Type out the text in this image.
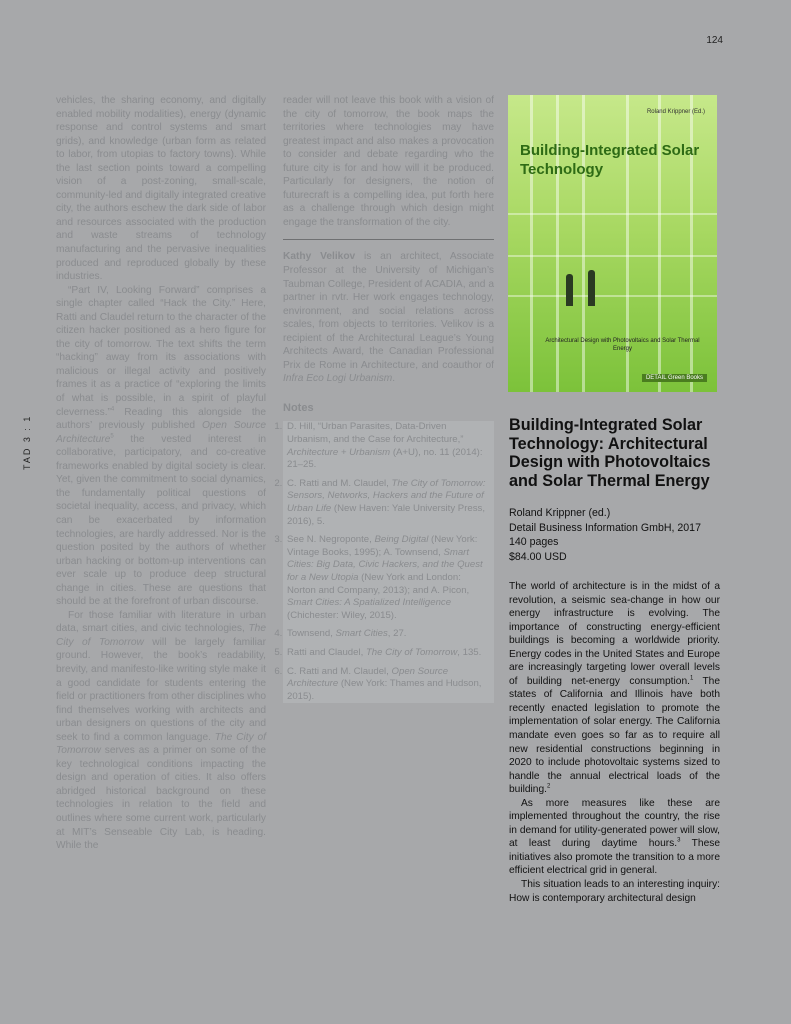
124
TAD 3 : 1

vehicles, the sharing economy, and digitally enabled mobility modalities), energy (dynamic response and control systems and smart grids), and knowledge (urban form as related to labor, from utopias to factory towns). While the last section points toward a compelling vision of a post-zoning, small-scale, community-led and digitally integrated creative city, the authors eschew the dark side of labor and resources associated with the production and waste streams of technology manufacturing and the pervasive inequalities produced and reproduced globally by these industries.

“Part IV, Looking Forward” comprises a single chapter called “Hack the City.” Here, Ratti and Claudel return to the character of the citizen hacker positioned as a hero figure for the city of tomorrow. The text shifts the term “hacking” away from its associations with malicious or illegal activity and positively frames it as a practice of “exploring the limits of what is possible, in a spirit of playful cleverness.”$^4$ Reading this alongside the authors’ previously published Open Source Architecture$^5$ the vested interest in collaborative, participatory, and co-creative frameworks enabled by digital society is clear. Yet, given the commitment to social dynamics, the fundamentally political questions of societal inequality, access, and privacy, which can be exacerbated by information technologies, are hardly addressed. Nor is the question posited by the authors of whether urban hacking or bottom-up interventions can ever scale up to produce deep structural change in cities. These are questions that should be at the forefront of urban discourse.

For those familiar with literature in urban data, smart cities, and civic technologies, The City of Tomorrow will be largely familiar ground. However, the book’s readability, brevity, and manifesto-like writing style make it a good candidate for students entering the field or practitioners from other disciplines who find themselves working with architects and urban designers on questions of the city and seek to find a common language. The City of Tomorrow serves as a primer on some of the key technological conditions impacting the design and operation of cities. It also offers abridged historical background on these technologies in relation to the field and outlines where some current work, particularly at MIT’s Senseable City Lab, is heading. While the

reader will not leave this book with a vision of the city of tomorrow, the book maps the territories where technologies may have greatest impact and also makes a provocation to consider and debate regarding who the future city is for and how will it be produced. Particularly for designers, the notion of futurecraft is a compelling idea, put forth here as a challenge through which design might engage the transformation of the city.

Kathy Velikov is an architect, Associate Professor at the University of Michigan’s Taubman College, President of ACADIA, and a partner in rvtr. Her work engages technology, environment, and social relations across scales, from objects to territories. Velikov is a recipient of the Architectural League’s Young Architects Award, the Canadian Professional Prix de Rome in Architecture, and coauthor of Infra Eco Logi Urbanism.

Notes
1. D. Hill, “Urban Parasites, Data-Driven Urbanism, and the Case for Architecture,” Architecture + Urbanism (A+U), no. 11 (2014): 21–25.
2. C. Ratti and M. Claudel, The City of Tomorrow: Sensors, Networks, Hackers and the Future of Urban Life (New Haven: Yale University Press, 2016), 5.
3. See N. Negroponte, Being Digital (New York: Vintage Books, 1995); A. Townsend, Smart Cities: Big Data, Civic Hackers, and the Quest for a New Utopia (New York and London: Norton and Company, 2013); and A. Picon, Smart Cities: A Spatialized Intelligence (Chichester: Wiley, 2015).
4. Townsend, Smart Cities, 27.
5. Ratti and Claudel, The City of Tomorrow, 135.
6. C. Ratti and M. Claudel, Open Source Architecture (New York: Thames and Hudson, 2015).
Roland Krippner (Ed.)
Building-Integrated Solar Technology
Architectural Design with Photovoltaics and Solar Thermal Energy
DETAIL Green Books
Building-Integrated Solar Technology: Architectural Design with Photovoltaics and Solar Thermal Energy
Roland Krippner (ed.)
Detail Business Information GmbH, 2017
140 pages
$84.00 USD

The world of architecture is in the midst of a revolution, a seismic sea-change in how our energy infrastructure is evolving. The importance of constructing energy-efficient buildings is becoming a worldwide priority. Energy codes in the United States and Europe are increasingly targeting lower overall levels of building net-energy consumption.$^1$ The states of California and Illinois have both recently enacted legislation to promote the implementation of solar energy. The California mandate even goes so far as to require all new residential constructions beginning in 2020 to include photovoltaic systems sized to handle the annual electrical loads of the building.$^2$

As more measures like these are implemented throughout the country, the rise in demand for utility-generated power will slow, at least during daytime hours.$^3$ These initiatives also promote the transition to a more efficient electrical grid in general.

This situation leads to an interesting inquiry: How is contemporary architectural design
